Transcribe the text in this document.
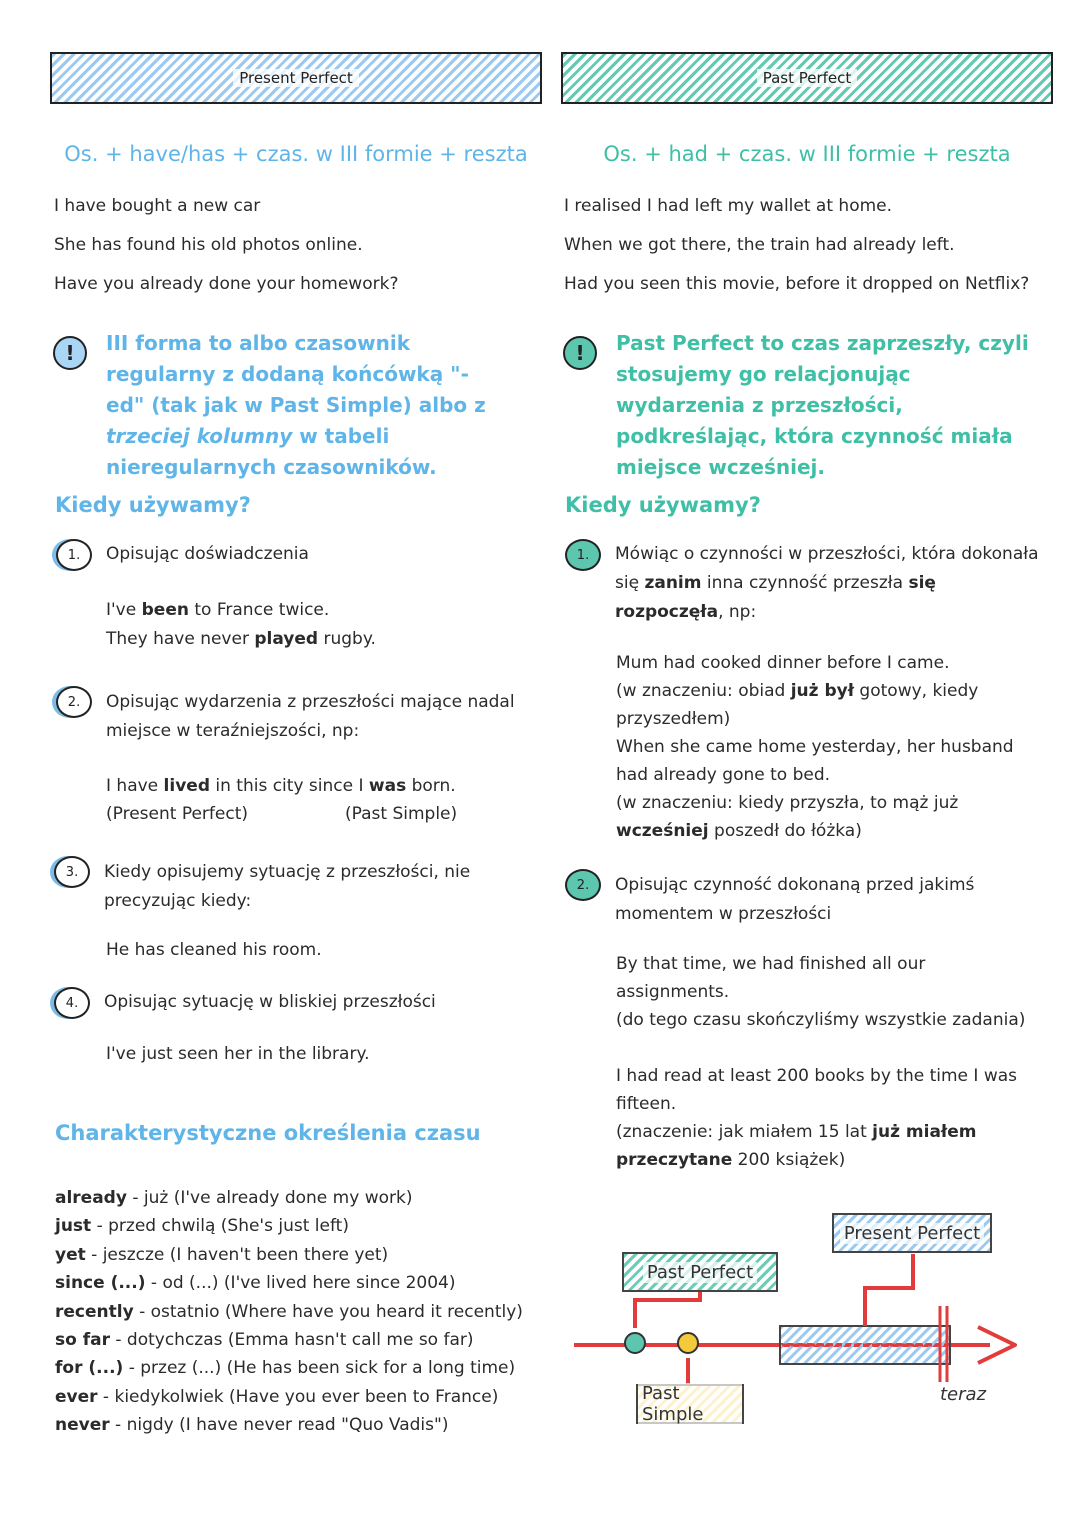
Present Perfect	Past Perfect
Os. + have/has + czas. w III formie + reszta	Os. + had + czas. w III formie + reszta
I have bought a new car
She has found his old photos online.
Have you already done your homework?
I realised I had left my wallet at home.
When we got there, the train had already left.
Had you seen this movie, before it dropped on Netflix?
!	III forma to albo czasownik regularny z dodaną końcówką "-ed" (tak jak w Past Simple) albo z trzeciej kolumny w tabeli nieregularnych czasowników.
!	Past Perfect to czas zaprzeszły, czyli stosujemy go relacjonując wydarzenia z przeszłości, podkreślając, która czynność miała miejsce wcześniej.
Kiedy używamy?	Kiedy używamy?
1.	Opisując doświadczenia
I've been to France twice.
They have never played rugby.
2.	Opisując wydarzenia z przeszłości mające nadal miejsce w teraźniejszości, np:
I have lived in this city since I was born.
(Present Perfect)	(Past Simple)
3.	Kiedy opisujemy sytuację z przeszłości, nie precyzując kiedy:
He has cleaned his room.
4.	Opisując sytuację w bliskiej przeszłości
I've just seen her in the library.
Charakterystyczne określenia czasu
already - już (I've already done my work)
just - przed chwilą (She's just left)
yet - jeszcze (I haven't been there yet)
since (...) - od (...) (I've lived here since 2004)
recently - ostatnio (Where have you heard it recently)
so far - dotychczas (Emma hasn't call me so far)
for (...) - przez (...) (He has been sick for a long time)
ever - kiedykolwiek (Have you ever been to France)
never - nigdy (I have never read "Quo Vadis")
1.	Mówiąc o czynności w przeszłości, która dokonała się zanim inna czynność przeszła się rozpoczęła, np:
Mum had cooked dinner before I came.
(w znaczeniu: obiad już był gotowy, kiedy przyszedłem)
When she came home yesterday, her husband had already gone to bed.
(w znaczeniu: kiedy przyszła, to mąż już wcześniej poszedł do łóżka)
2.	Opisując czynność dokonaną przed jakimś momentem w przeszłości
By that time, we had finished all our assignments.
(do tego czasu skończyliśmy wszystkie zadania)
I had read at least 200 books by the time I was fifteen.
(znaczenie: jak miałem 15 lat już miałem przeczytane 200 książek)
Present Perfect
Past Perfect
Past Simple
teraz
